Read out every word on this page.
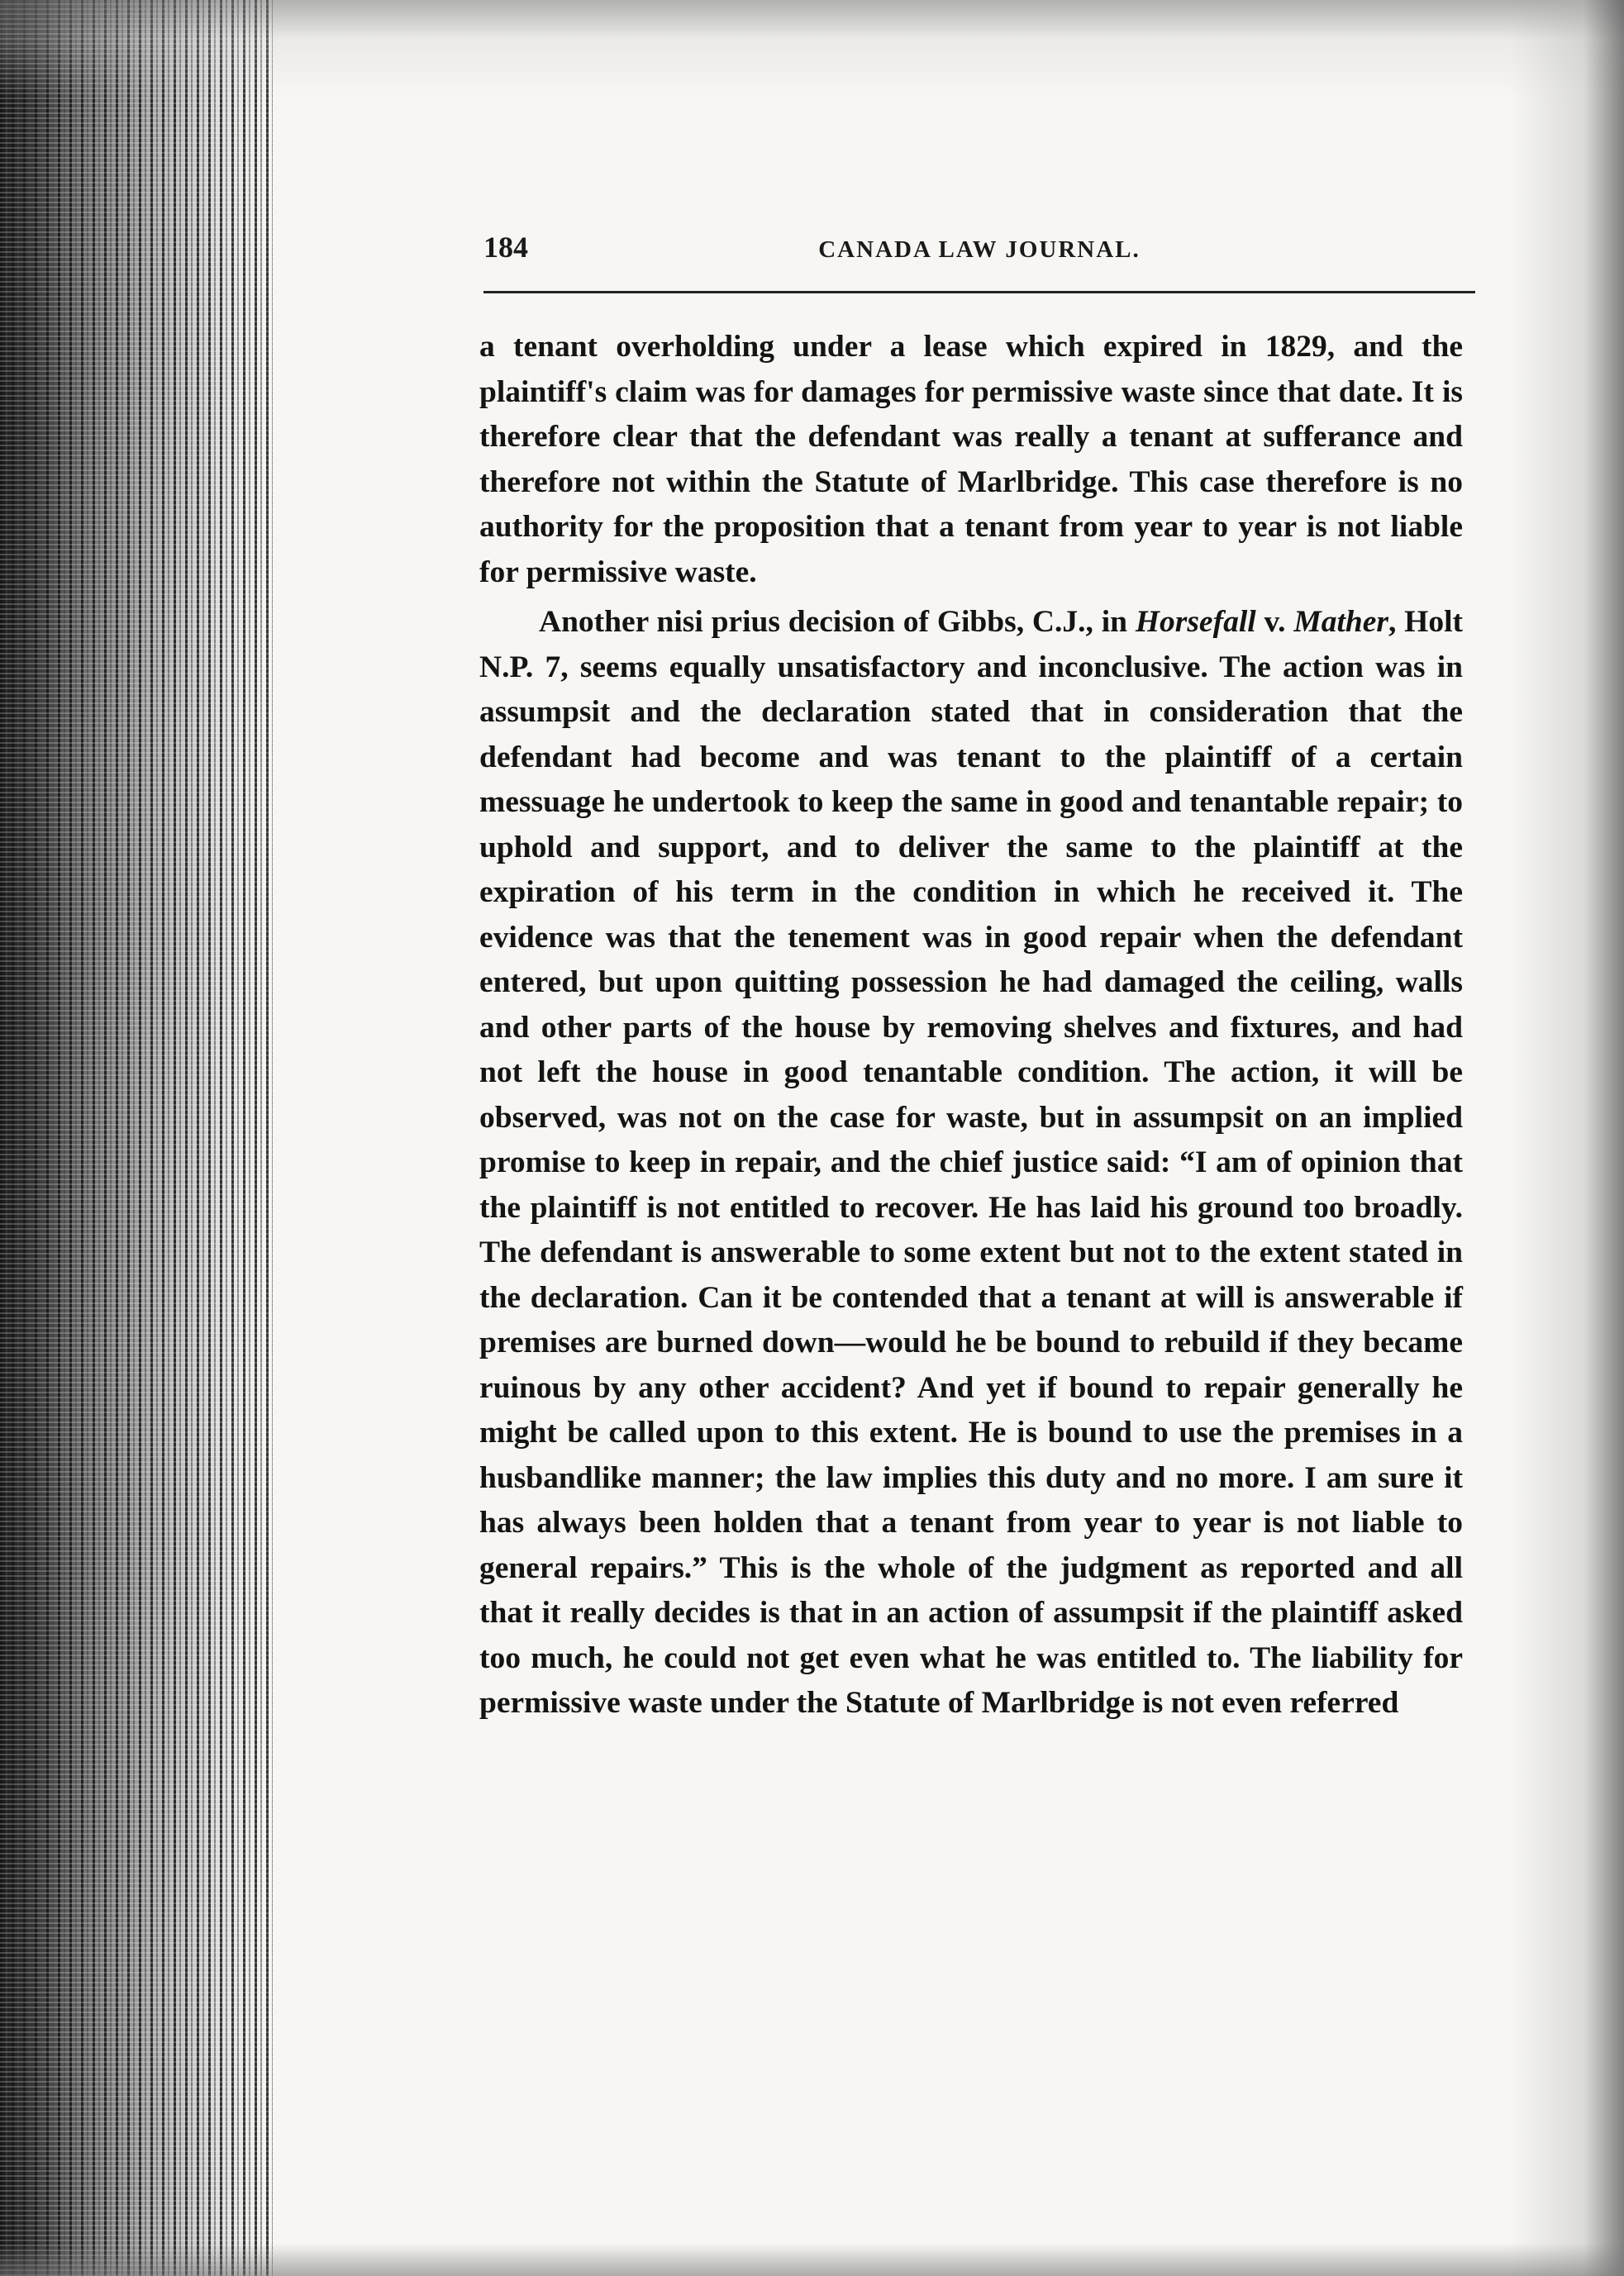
184	CANADA LAW JOURNAL.

a tenant overholding under a lease which expired in 1829, and the plaintiff's claim was for damages for permissive waste since that date. It is therefore clear that the defendant was really a tenant at sufferance and therefore not within the Statute of Marlbridge. This case therefore is no authority for the proposition that a tenant from year to year is not liable for permissive waste.

Another nisi prius decision of Gibbs, C.J., in Horsefall v. Mather, Holt N.P. 7, seems equally unsatisfactory and inconclusive. The action was in assumpsit and the declaration stated that in consideration that the defendant had become and was tenant to the plaintiff of a certain messuage he undertook to keep the same in good and tenantable repair; to uphold and support, and to deliver the same to the plaintiff at the expiration of his term in the condition in which he received it. The evidence was that the tenement was in good repair when the defendant entered, but upon quitting possession he had damaged the ceiling, walls and other parts of the house by removing shelves and fixtures, and had not left the house in good tenantable condition. The action, it will be observed, was not on the case for waste, but in assumpsit on an implied promise to keep in repair, and the chief justice said: “I am of opinion that the plaintiff is not entitled to recover. He has laid his ground too broadly. The defendant is answerable to some extent but not to the extent stated in the declaration. Can it be contended that a tenant at will is answerable if premises are burned down—would he be bound to rebuild if they became ruinous by any other accident? And yet if bound to repair generally he might be called upon to this extent. He is bound to use the premises in a husbandlike manner; the law implies this duty and no more. I am sure it has always been holden that a tenant from year to year is not liable to general repairs.” This is the whole of the judgment as reported and all that it really decides is that in an action of assumpsit if the plaintiff asked too much, he could not get even what he was entitled to. The liability for permissive waste under the Statute of Marlbridge is not even referred
